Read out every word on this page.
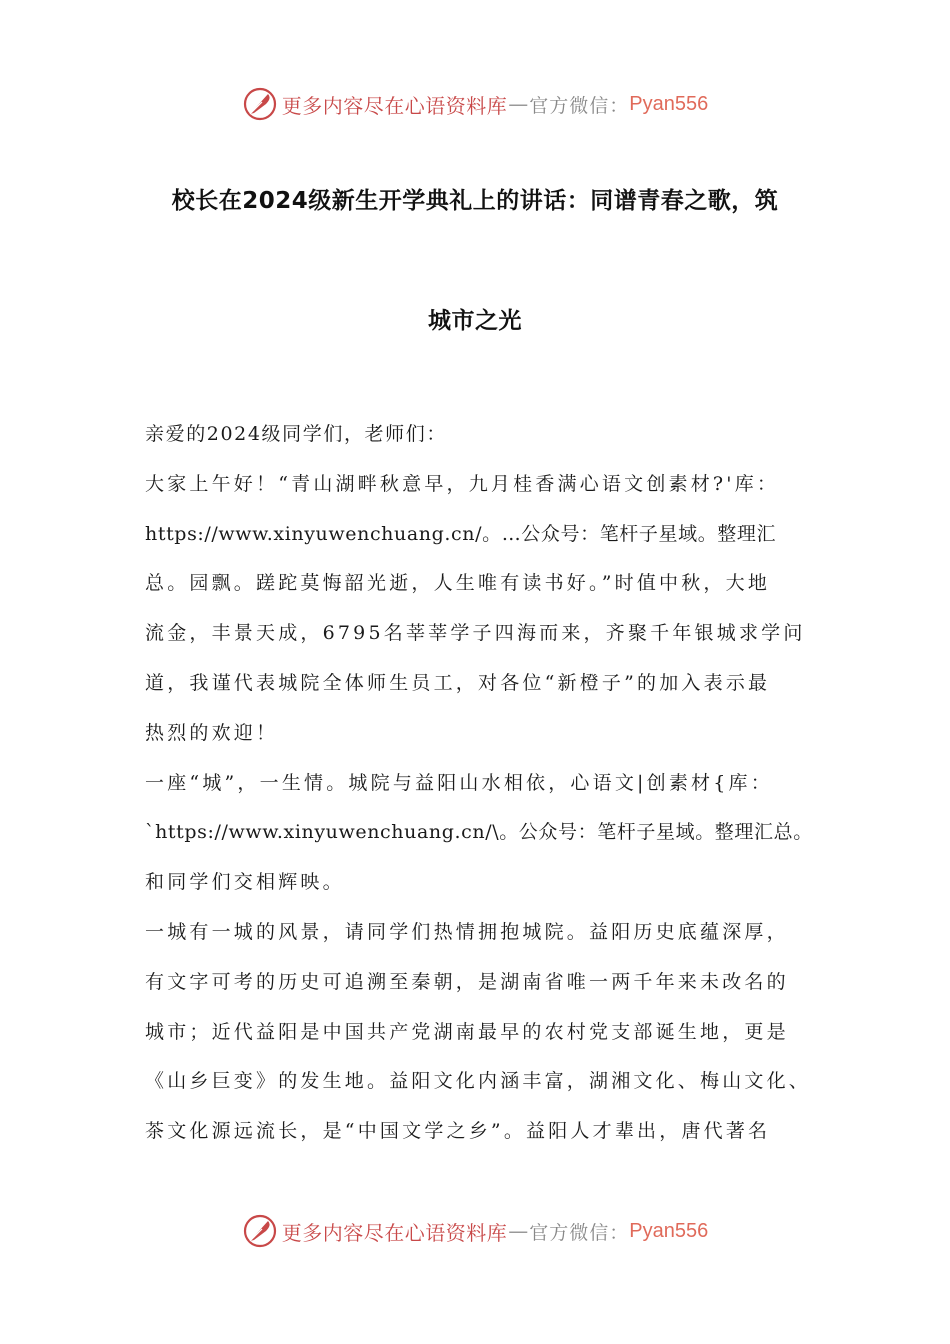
更多内容尽在心语资料库 — 官方微信： Pyan556
校长在2024级新生开学典礼上的讲话：同谱青春之歌，筑
城市之光
亲爱的2024级同学们，老师们：
大家上午好！“青山湖畔秋意早，九月桂香满心语文创素材?'库：
https://www.xinyuwenchuang.cn/。…公众号：笔杆子星域。整理汇
总。园飘。蹉跎莫悔韶光逝，人生唯有读书好。”时值中秋，大地
流金，丰景天成，6795名莘莘学子四海而来，齐聚千年银城求学问
道，我谨代表城院全体师生员工，对各位“新橙子”的加入表示最
热烈的欢迎！
一座“城”，一生情。城院与益阳山水相依，心语文|创素材{库：
`https://www.xinyuwenchuang.cn/\。公众号：笔杆子星域。整理汇总。
和同学们交相辉映。
一城有一城的风景，请同学们热情拥抱城院。益阳历史底蕴深厚，
有文字可考的历史可追溯至秦朝，是湖南省唯一两千年来未改名的
城市；近代益阳是中国共产党湖南最早的农村党支部诞生地，更是
《山乡巨变》的发生地。益阳文化内涵丰富，湖湘文化、梅山文化、
茶文化源远流长，是“中国文学之乡”。益阳人才辈出，唐代著名
更多内容尽在心语资料库 — 官方微信： Pyan556
